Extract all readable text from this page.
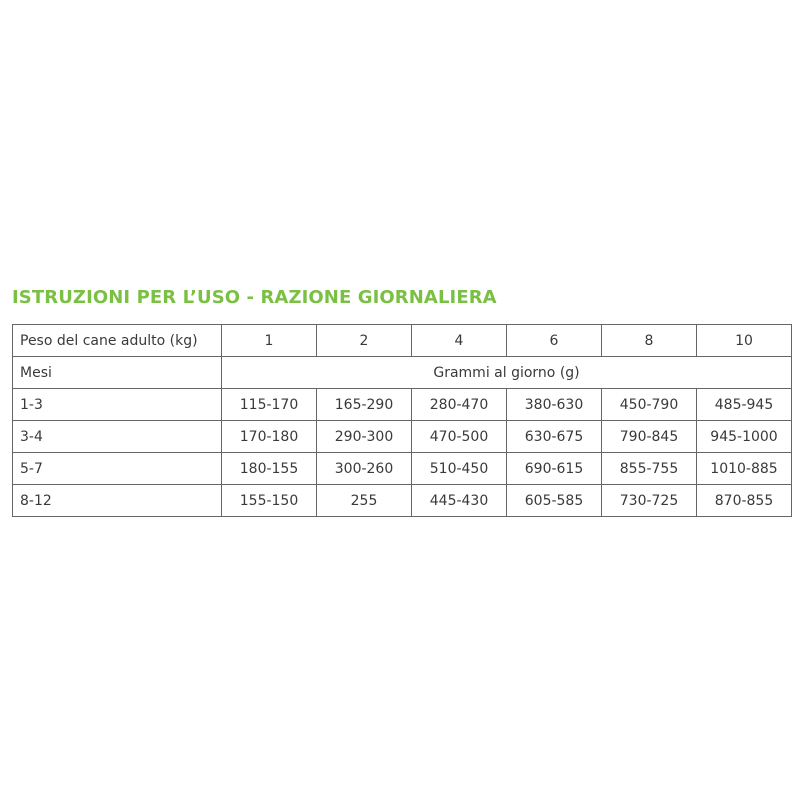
ISTRUZIONI PER L’USO - RAZIONE GIORNALIERA
Peso del cane adulto (kg)	1	2	4	6	8	10
Mesi	Grammi al giorno (g)					
1-3	115-170	165-290	280-470	380-630	450-790	485-945
3-4	170-180	290-300	470-500	630-675	790-845	945-1000
5-7	180-155	300-260	510-450	690-615	855-755	1010-885
8-12	155-150	255	445-430	605-585	730-725	870-855
